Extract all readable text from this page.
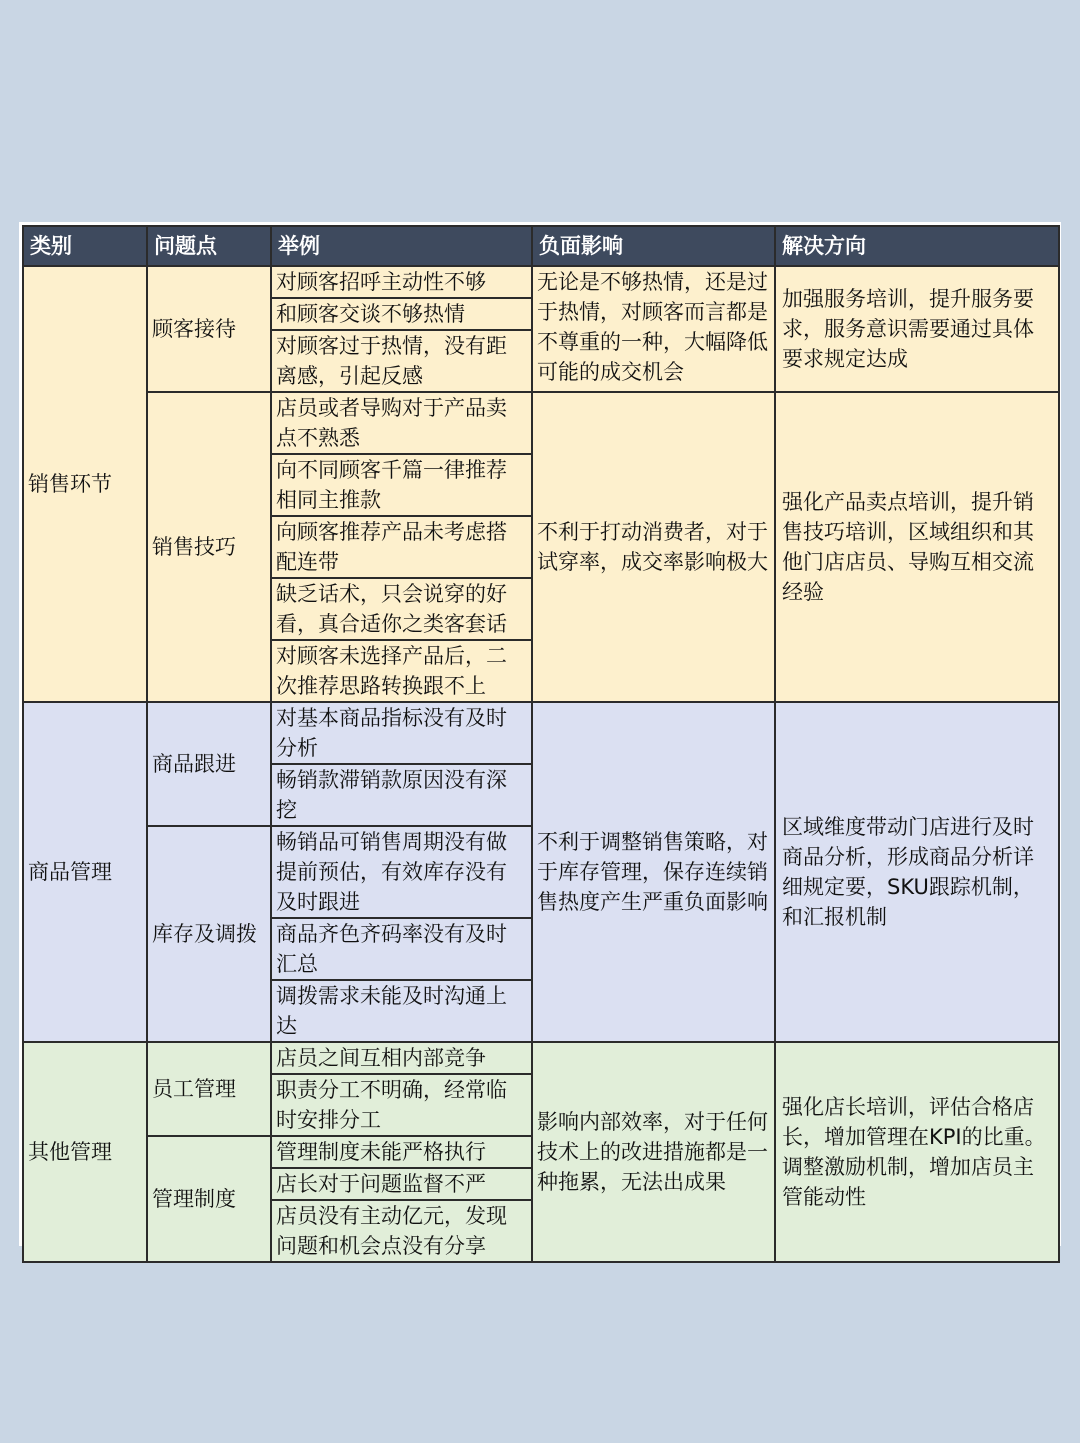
类别	问题点	举例	负面影响	解决方向
销售环节	顾客接待	对顾客招呼主动性不够	无论是不够热情，还是过于热情，对顾客而言都是不尊重的一种，大幅降低可能的成交机会	加强服务培训，提升服务要求，服务意识需要通过具体要求规定达成
		和顾客交谈不够热情		
		对顾客过于热情，没有距离感，引起反感		

	销售技巧	店员或者导购对于产品卖点不熟悉	不利于打动消费者，对于试穿率，成交率影响极大	强化产品卖点培训，提升销售技巧培训，区域组织和其他门店店员、导购互相交流经验
		向不同顾客千篇一律推荐相同主推款		
		向顾客推荐产品未考虑搭配连带		
		缺乏话术，只会说穿的好看，真合适你之类客套话		
		对顾客未选择产品后，二次推荐思路转换跟不上		

商品管理	商品跟进	对基本商品指标没有及时分析	不利于调整销售策略，对于库存管理，保存连续销售热度产生严重负面影响	区域维度带动门店进行及时商品分析，形成商品分析详细规定要，SKU跟踪机制，和汇报机制
		畅销款滞销款原因没有深挖		
	库存及调拨	畅销品可销售周期没有做提前预估，有效库存没有及时跟进		
		商品齐色齐码率没有及时汇总		
		调拨需求未能及时沟通上达		
其他管理	员工管理	店员之间互相内部竞争	影响内部效率，对于任何技术上的改进措施都是一种拖累，无法出成果	强化店长培训，评估合格店长，增加管理在KPI的比重。调整激励机制，增加店员主管能动性
		职责分工不明确，经常临时安排分工		
	管理制度	管理制度未能严格执行		
		店长对于问题监督不严		
		店员没有主动亿元，发现问题和机会点没有分享		
